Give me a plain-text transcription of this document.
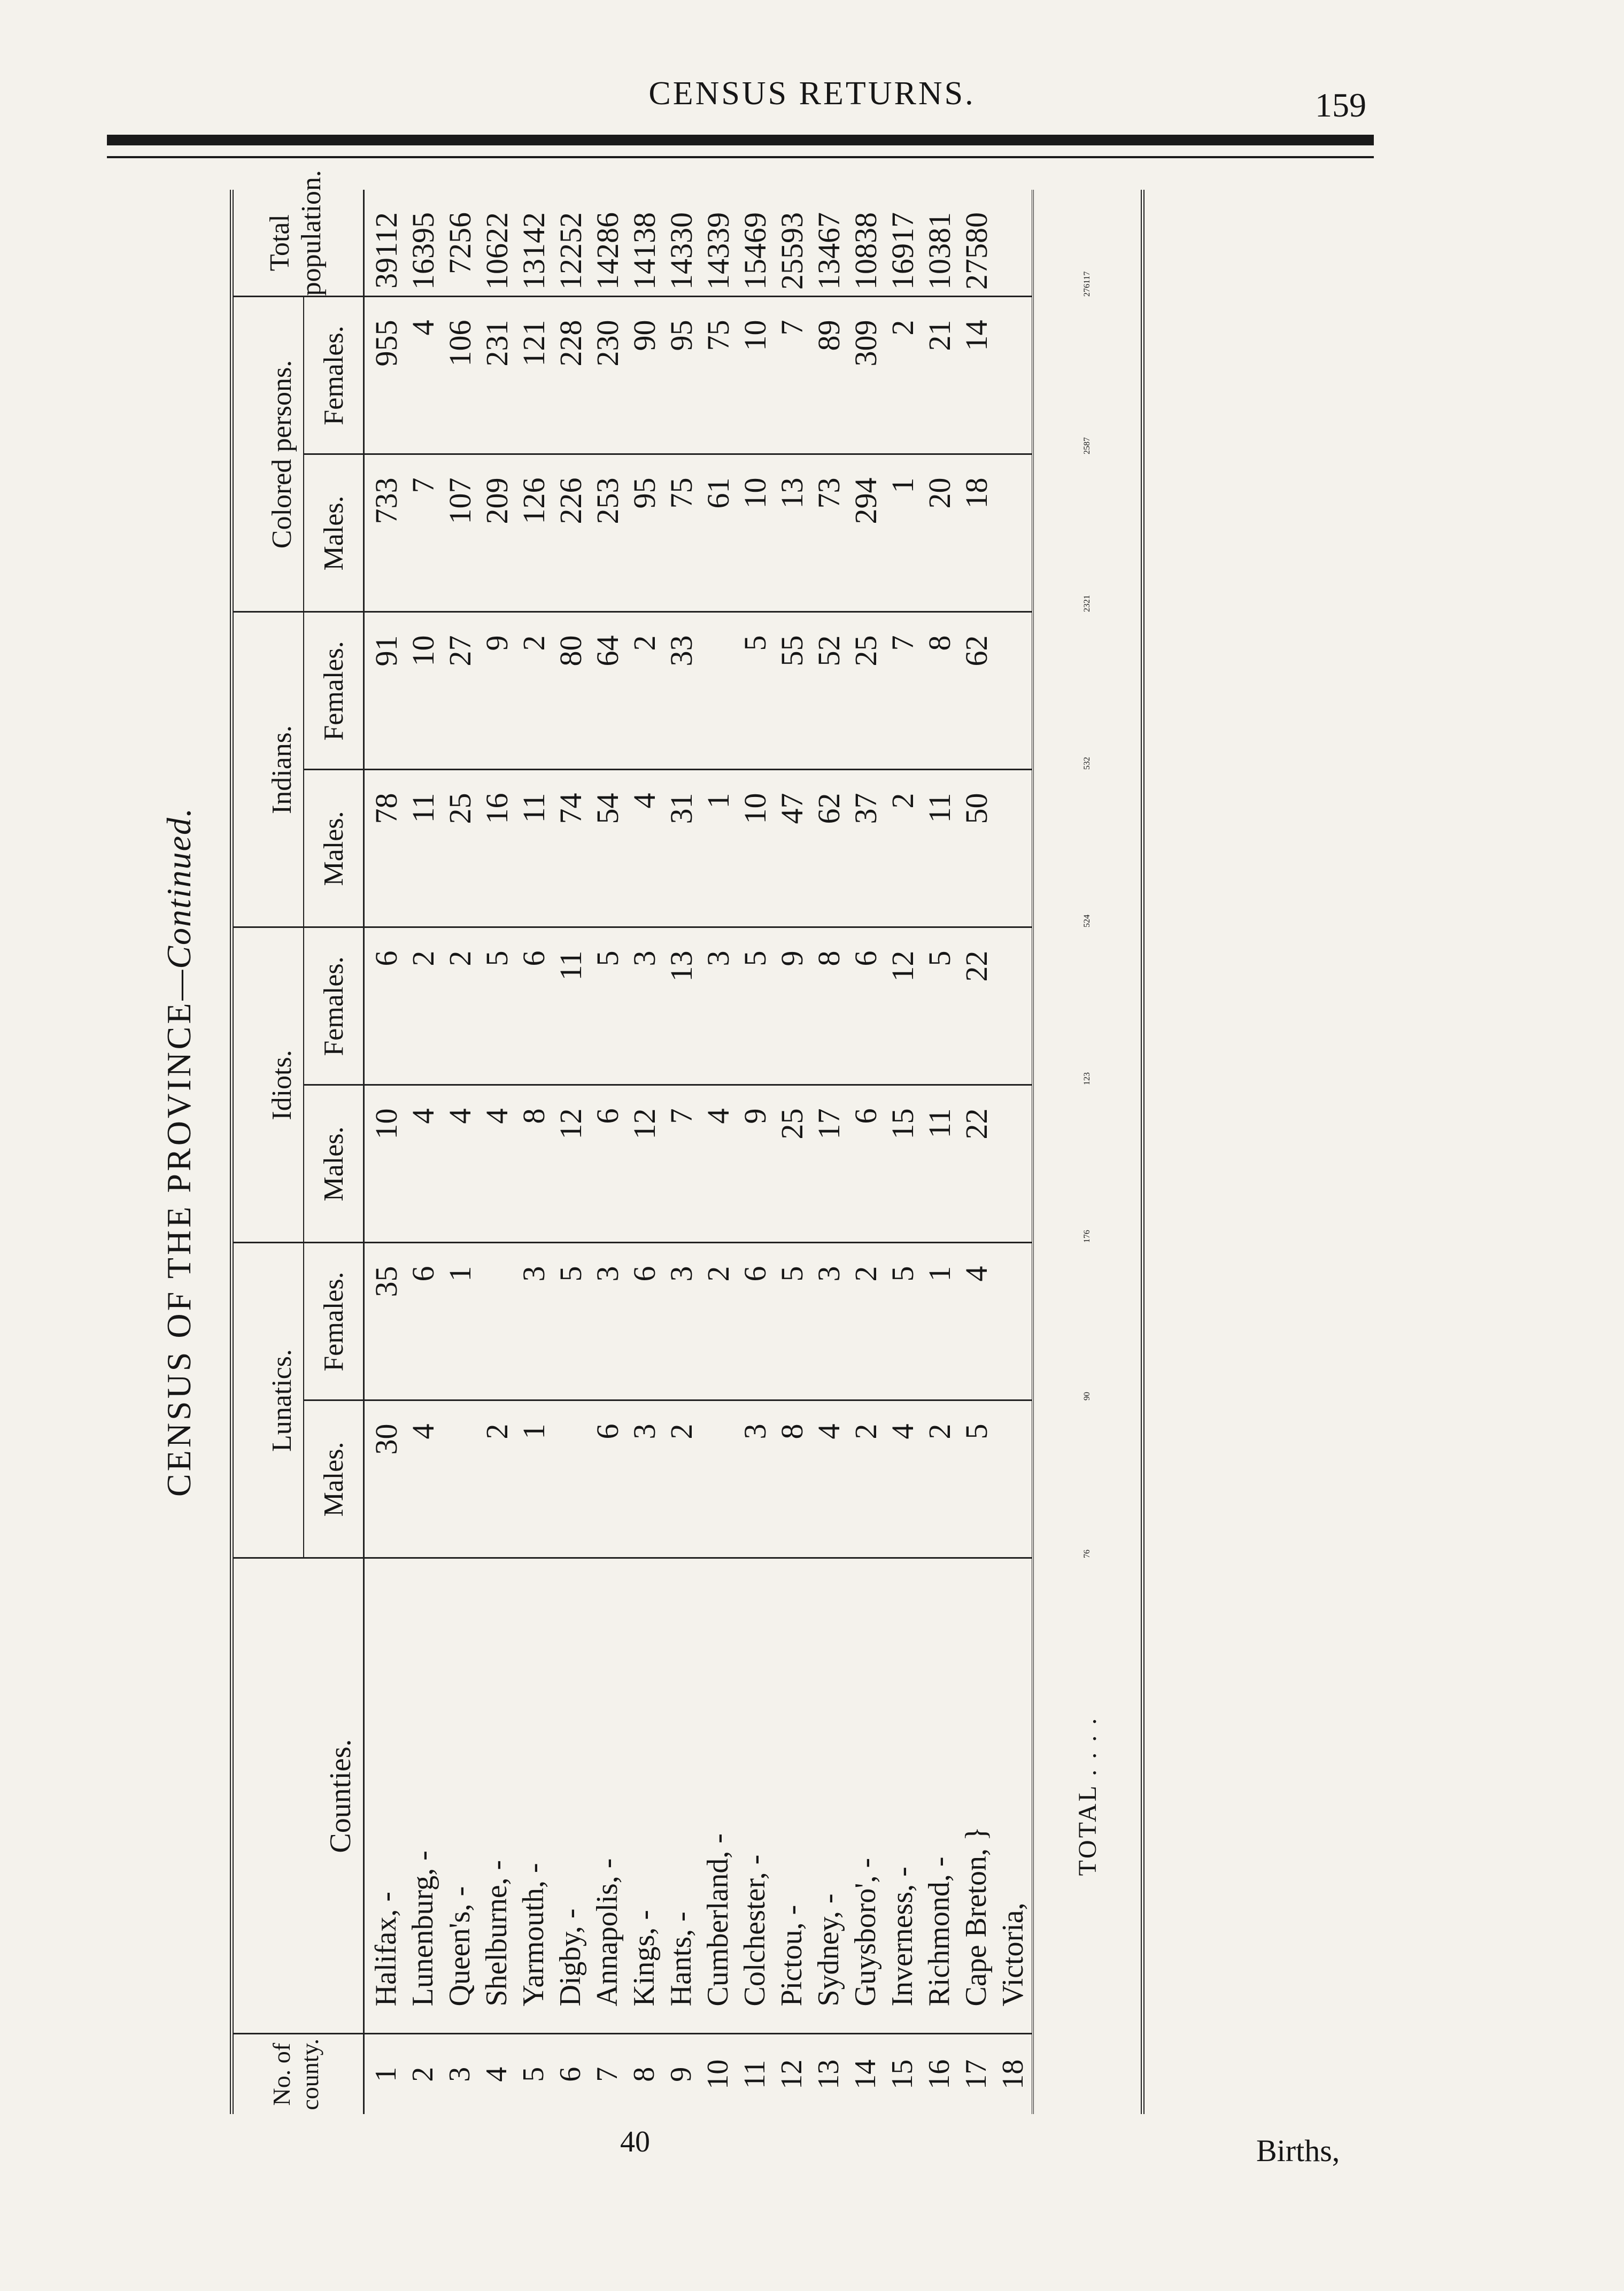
CENSUS RETURNS.	159
CENSUS OF THE PROVINCE—Continued.
No. of county.	Counties.	Lunatics.		Idiots.		Indians.		Colored persons.		Total population.
		Males.	Females.	Males.	Females.	Males.	Females.	Males.	Females.	
1	Halifax, -	30	35	10	6	78	91	733	955	39112
2	Lunenburg, -	4	6	4	2	11	10	7	4	16395
3	Queen's, -		1	4	2	25	27	107	106	7256
4	Shelburne, -	2		4	5	16	9	209	231	10622
5	Yarmouth, -	1	3	8	6	11	2	126	121	13142
6	Digby, -		5	12	11	74	80	226	228	12252
7	Annapolis, -	6	3	6	5	54	64	253	230	14286
8	Kings, -	3	6	12	3	4	2	95	90	14138
9	Hants, -	2	3	7	13	31	33	75	95	14330
10	Cumberland, -		2	4	3	1		61	75	14339
11	Colchester, -	3	6	9	5	10	5	10	10	15469
12	Pictou, -	8	5	25	9	47	55	13	7	25593
13	Sydney, -	4	3	17	8	62	52	73	89	13467
14	Guysboro', -	2	2	6	6	37	25	294	309	10838
15	Inverness, -	4	5	15	12	2	7	1	2	16917
16	Richmond, -	2	1	11	5	11	8	20	21	10381
17	Cape Breton, }	5	4	22	22	50	62	18	14	27580
18	Victoria,									
	TOTAL . . . .	76	90	176	123	524	532	2321	2587	276117
40	Births,
